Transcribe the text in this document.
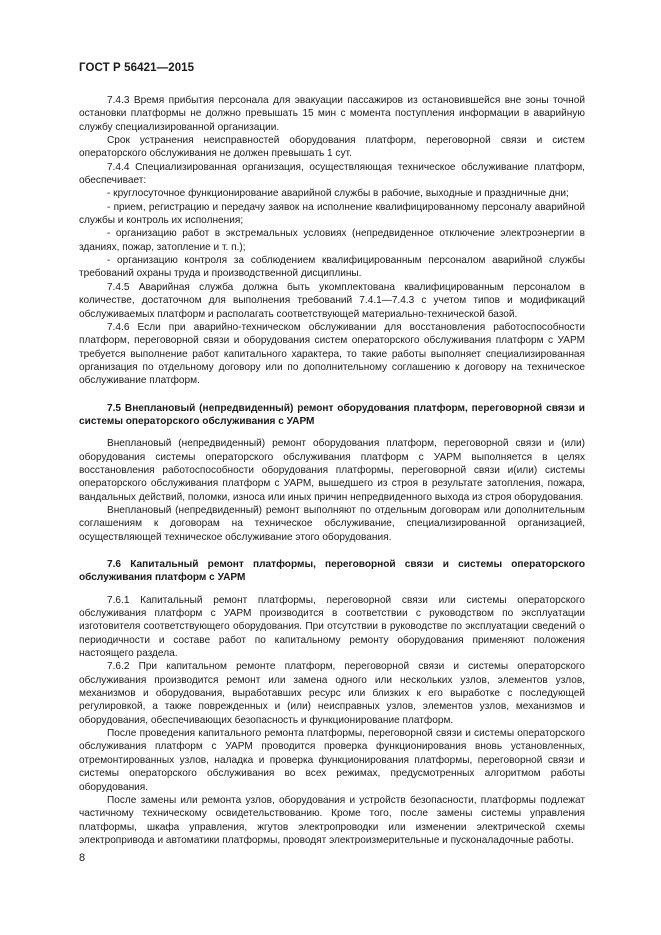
ГОСТ Р 56421—2015

7.4.3 Время прибытия персонала для эвакуации пассажиров из остановившейся вне зоны точной остановки платформы не должно превышать 15 мин с момента поступления информации в аварийную службу специализированной организации.

Срок устранения неисправностей оборудования платформ, переговорной связи и систем операторского обслуживания не должен превышать 1 сут.

7.4.4 Специализированная организация, осуществляющая техническое обслуживание платформ, обеспечивает:

- круглосуточное функционирование аварийной службы в рабочие, выходные и праздничные дни;

- прием, регистрацию и передачу заявок на исполнение квалифицированному персоналу аварийной службы и контроль их исполнения;

- организацию работ в экстремальных условиях (непредвиденное отключение электроэнергии в зданиях, пожар, затопление и т. п.);

- организацию контроля за соблюдением квалифицированным персоналом аварийной службы требований охраны труда и производственной дисциплины.

7.4.5 Аварийная служба должна быть укомплектована квалифицированным персоналом в количестве, достаточном для выполнения требований 7.4.1—7.4.3 с учетом типов и модификаций обслуживаемых платформ и располагать соответствующей материально-технической базой.

7.4.6 Если при аварийно-техническом обслуживании для восстановления работоспособности платформ, переговорной связи и оборудования систем операторского обслуживания платформ с УАРМ требуется выполнение работ капитального характера, то такие работы выполняет специализированная организация по отдельному договору или по дополнительному соглашению к договору на техническое обслуживание платформ.

7.5 Внеплановый (непредвиденный) ремонт оборудования платформ, переговорной связи и системы операторского обслуживания с УАРМ

Внеплановый (непредвиденный) ремонт оборудования платформ, переговорной связи и (или) оборудования системы операторского обслуживания платформ с УАРМ выполняется в целях восстановления работоспособности оборудования платформы, переговорной связи и(или) системы операторского обслуживания платформ с УАРМ, вышедшего из строя в результате затопления, пожара, вандальных действий, поломки, износа или иных причин непредвиденного выхода из строя оборудования.

Внеплановый (непредвиденный) ремонт выполняют по отдельным договорам или дополнительным соглашениям к договорам на техническое обслуживание, специализированной организацией, осуществляющей техническое обслуживание этого оборудования.

7.6 Капитальный ремонт платформы, переговорной связи и системы операторского обслуживания платформ с УАРМ

7.6.1 Капитальный ремонт платформы, переговорной связи или системы операторского обслуживания платформ с УАРМ производится в соответствии с руководством по эксплуатации изготовителя соответствующего оборудования. При отсутствии в руководстве по эксплуатации сведений о периодичности и составе работ по капитальному ремонту оборудования применяют положения настоящего раздела.

7.6.2 При капитальном ремонте платформ, переговорной связи и системы операторского обслуживания производится ремонт или замена одного или нескольких узлов, элементов узлов, механизмов и оборудования, выработавших ресурс или близких к его выработке с последующей регулировкой, а также поврежденных и (или) неисправных узлов, элементов узлов, механизмов и оборудования, обеспечивающих безопасность и функционирование платформ.

После проведения капитального ремонта платформы, переговорной связи и системы операторского обслуживания платформ с УАРМ проводится проверка функционирования вновь установленных, отремонтированных узлов, наладка и проверка функционирования платформы, переговорной связи и системы операторского обслуживания во всех режимах, предусмотренных алгоритмом работы оборудования.

После замены или ремонта узлов, оборудования и устройств безопасности, платформы подлежат частичному техническому освидетельствованию. Кроме того, после замены системы управления платформы, шкафа управления, жгутов электропроводки или изменении электрической схемы электропривода и автоматики платформы, проводят электроизмерительные и пусконаладочные работы.

8
